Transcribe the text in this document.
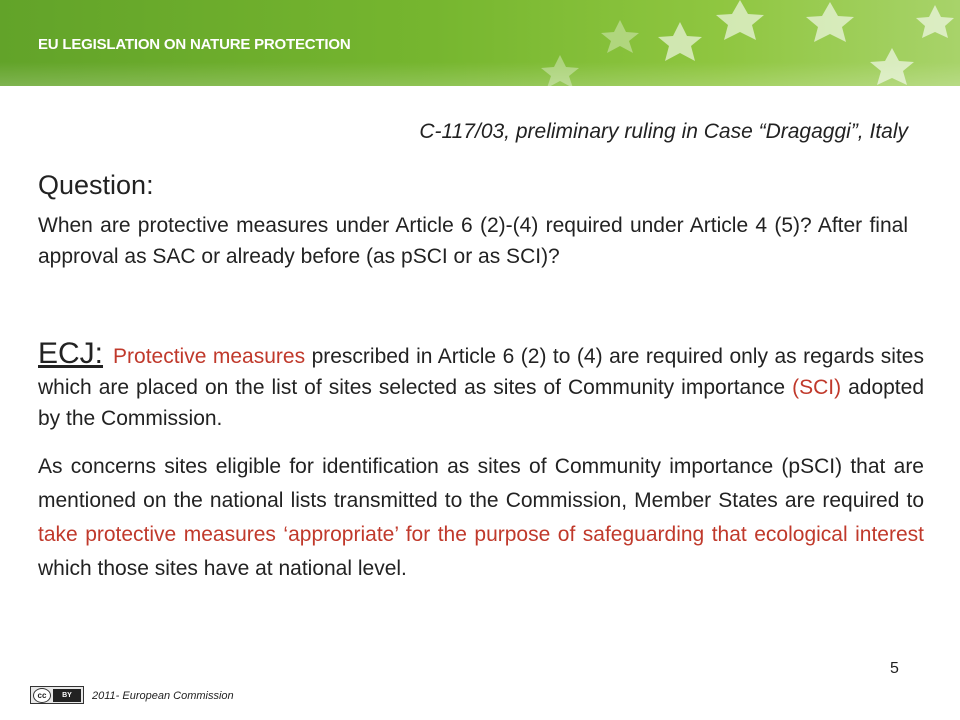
EU LEGISLATION ON NATURE PROTECTION
C-117/03, preliminary ruling in Case “Dragaggi”, Italy
Question:
When are protective measures under Article 6 (2)-(4) required under Article 4 (5)? After final approval as SAC or already before (as pSCI or as SCI)?
ECJ: Protective measures prescribed in Article 6 (2) to (4) are required only as regards sites which are placed on the list of sites selected as sites of Community importance (SCI) adopted by the Commission.
As concerns sites eligible for identification as sites of Community importance (pSCI) that are mentioned on the national lists transmitted to the Commission, Member States are required to take protective measures ‘appropriate’ for the purpose of safeguarding that ecological interest which those sites have at national level.
5
cc	BY	2011- European Commission
